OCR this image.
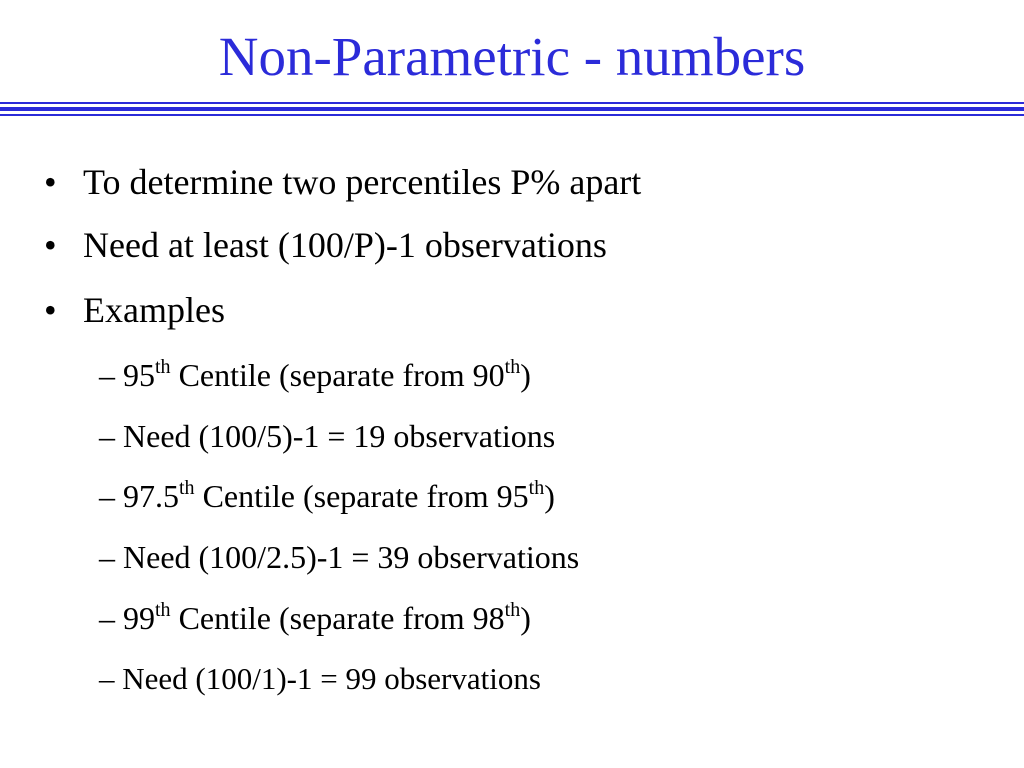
Non-Parametric - numbers
• To determine two percentiles P% apart
• Need at least (100/P)-1 observations
• Examples
– 95th Centile (separate from 90th)
– Need (100/5)-1 = 19 observations
– 97.5th Centile (separate from 95th)
– Need (100/2.5)-1 = 39 observations
– 99th Centile (separate from 98th)
– Need (100/1)-1 = 99 observations
